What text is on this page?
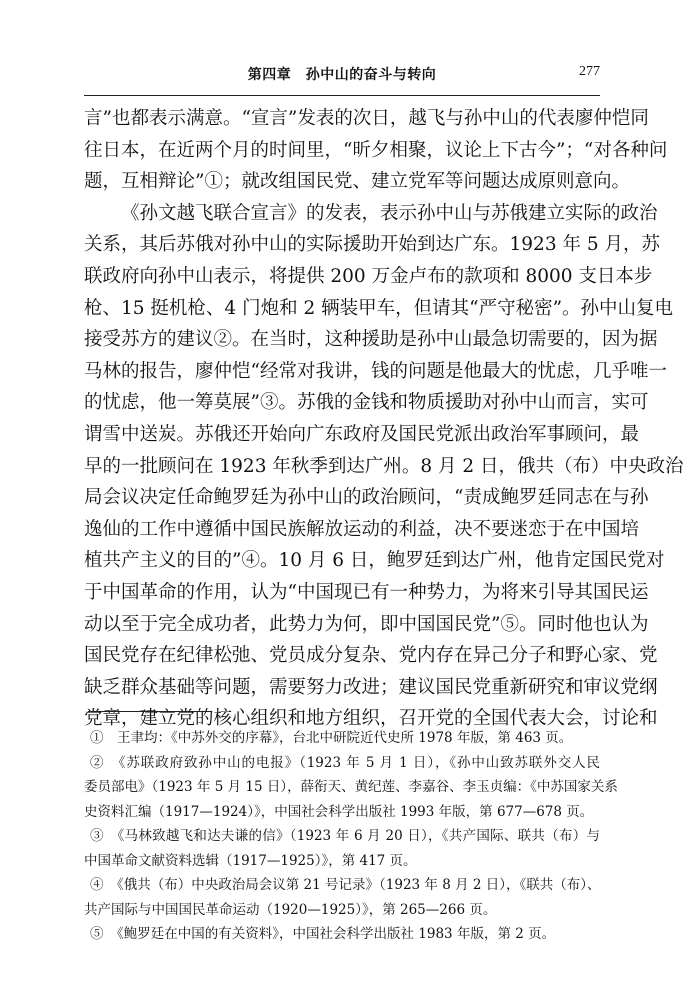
第四章　孙中山的奋斗与转向	277
言”也都表示满意。“宣言”发表的次日，越飞与孙中山的代表廖仲恺同
往日本，在近两个月的时间里，“昕夕相聚，议论上下古今”；“对各种问
题，互相辩论”①；就改组国民党、建立党军等问题达成原则意向。
《孙文越飞联合宣言》的发表，表示孙中山与苏俄建立实际的政治
关系，其后苏俄对孙中山的实际援助开始到达广东。1923 年 5 月，苏
联政府向孙中山表示，将提供 200 万金卢布的款项和 8000 支日本步
枪、15 挺机枪、4 门炮和 2 辆装甲车，但请其“严守秘密”。孙中山复电
接受苏方的建议②。在当时，这种援助是孙中山最急切需要的，因为据
马林的报告，廖仲恺“经常对我讲，钱的问题是他最大的忧虑，几乎唯一
的忧虑，他一筹莫展”③。苏俄的金钱和物质援助对孙中山而言，实可
谓雪中送炭。苏俄还开始向广东政府及国民党派出政治军事顾问，最
早的一批顾问在 1923 年秋季到达广州。8 月 2 日，俄共（布）中央政治
局会议决定任命鲍罗廷为孙中山的政治顾问，“责成鲍罗廷同志在与孙
逸仙的工作中遵循中国民族解放运动的利益，决不要迷恋于在中国培
植共产主义的目的”④。10 月 6 日，鲍罗廷到达广州，他肯定国民党对
于中国革命的作用，认为“中国现已有一种势力，为将来引导其国民运
动以至于完全成功者，此势力为何，即中国国民党”⑤。同时他也认为
国民党存在纪律松弛、党员成分复杂、党内存在异己分子和野心家、党
缺乏群众基础等问题，需要努力改进；建议国民党重新研究和审议党纲
党章，建立党的核心组织和地方组织，召开党的全国代表大会，讨论和
①　王聿均：《中苏外交的序幕》，台北中研院近代史所 1978 年版，第 463 页。
②　《苏联政府致孙中山的电报》（1923 年 5 月 1 日），《孙中山致苏联外交人民
委员部电》（1923 年 5 月 15 日），薛衔天、黄纪莲、李嘉谷、李玉贞编：《中苏国家关系
史资料汇编（1917—1924）》，中国社会科学出版社 1993 年版，第 677—678 页。
③　《马林致越飞和达夫谦的信》（1923 年 6 月 20 日），《共产国际、联共（布）与
中国革命文献资料选辑（1917—1925）》，第 417 页。
④　《俄共（布）中央政治局会议第 21 号记录》（1923 年 8 月 2 日），《联共（布）、
共产国际与中国国民革命运动（1920—1925）》，第 265—266 页。
⑤　《鲍罗廷在中国的有关资料》，中国社会科学出版社 1983 年版，第 2 页。
